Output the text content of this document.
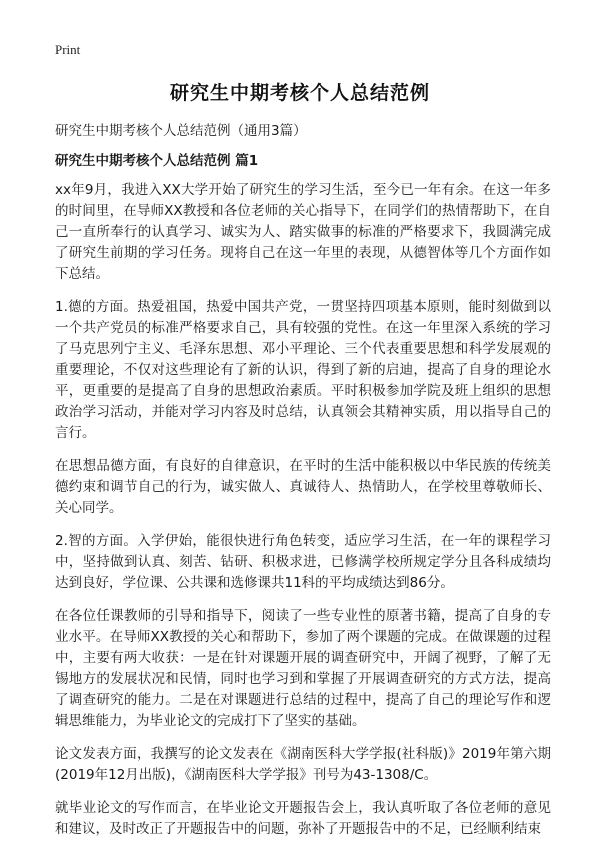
Print
研究生中期考核个人总结范例
研究生中期考核个人总结范例（通用3篇）
研究生中期考核个人总结范例 篇1

xx年9月，我进入XX大学开始了研究生的学习生活，至今已一年有余。在这一年多的时间里，在导师XX教授和各位老师的关心指导下，在同学们的热情帮助下，在自己一直所奉行的认真学习、诚实为人、踏实做事的标准的严格要求下，我圆满完成了研究生前期的学习任务。现将自己在这一年里的表现，从德智体等几个方面作如下总结。

1.德的方面。热爱祖国，热爱中国共产党，一贯坚持四项基本原则，能时刻做到以一个共产党员的标准严格要求自己，具有较强的党性。在这一年里深入系统的学习了马克思列宁主义、毛泽东思想、邓小平理论、三个代表重要思想和科学发展观的重要理论，不仅对这些理论有了新的认识，得到了新的启迪，提高了自身的理论水平，更重要的是提高了自身的思想政治素质。平时积极参加学院及班上组织的思想政治学习活动，并能对学习内容及时总结，认真领会其精神实质，用以指导自己的言行。

在思想品德方面，有良好的自律意识，在平时的生活中能积极以中华民族的传统美德约束和调节自己的行为，诚实做人、真诚待人、热情助人，在学校里尊敬师长、关心同学。

2.智的方面。入学伊始，能很快进行角色转变，适应学习生活，在一年的课程学习中，坚持做到认真、刻苦、钻研、积极求进，已修满学校所规定学分且各科成绩均达到良好，学位课、公共课和选修课共11科的平均成绩达到86分。

在各位任课教师的引导和指导下，阅读了一些专业性的原著书籍，提高了自身的专业水平。在导师XX教授的关心和帮助下，参加了两个课题的完成。在做课题的过程中，主要有两大收获：一是在针对课题开展的调查研究中，开阔了视野，了解了无锡地方的发展状况和民情，同时也学习到和掌握了开展调查研究的方式方法，提高了调查研究的能力。二是在对课题进行总结的过程中，提高了自己的理论写作和逻辑思维能力，为毕业论文的完成打下了坚实的基础。

论文发表方面，我撰写的论文发表在《湖南医科大学学报(社科版)》2019年第六期(2019年12月出版)，《湖南医科大学学报》刊号为43-1308/C。

就毕业论文的写作而言，在毕业论文开题报告会上，我认真听取了各位老师的意见和建议，及时改正了开题报告中的问题，弥补了开题报告中的不足，已经顺利结束
